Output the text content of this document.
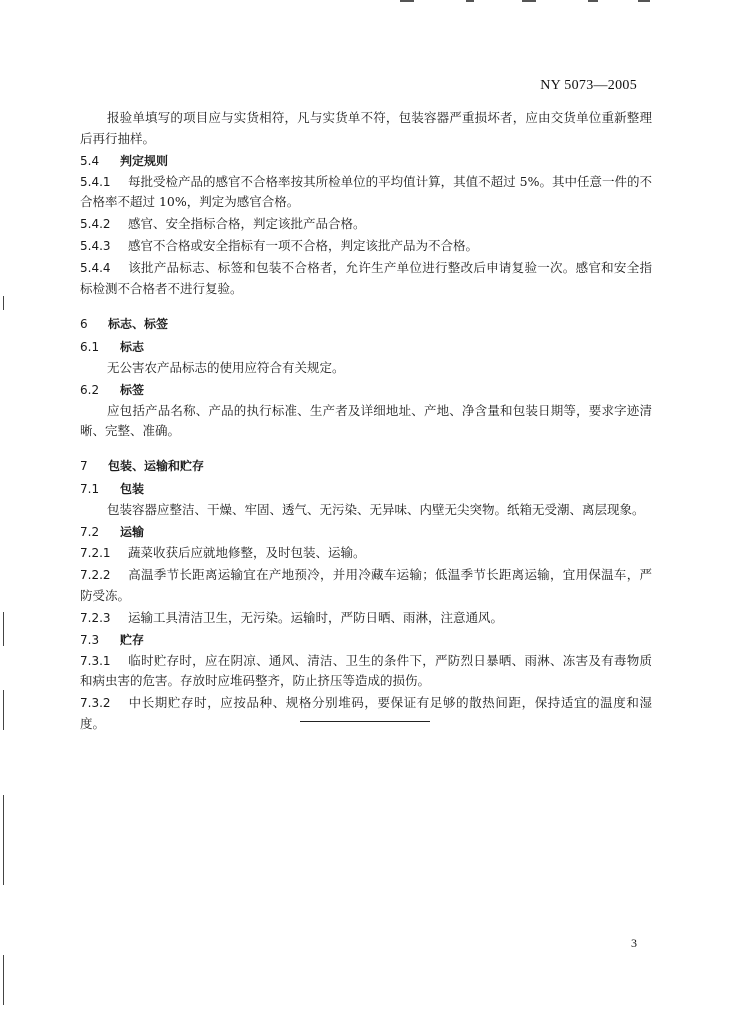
NY 5073—2005

报验单填写的项目应与实货相符，凡与实货单不符，包装容器严重损坏者，应由交货单位重新整理后再行抽样。

5.4 判定规则

5.4.1 每批受检产品的感官不合格率按其所检单位的平均值计算，其值不超过 5%。其中任意一件的不合格率不超过 10%，判定为感官合格。

5.4.2 感官、安全指标合格，判定该批产品合格。

5.4.3 感官不合格或安全指标有一项不合格，判定该批产品为不合格。

5.4.4 该批产品标志、标签和包装不合格者，允许生产单位进行整改后申请复验一次。感官和安全指标检测不合格者不进行复验。

6 标志、标签

6.1 标志

无公害农产品标志的使用应符合有关规定。

6.2 标签

应包括产品名称、产品的执行标准、生产者及详细地址、产地、净含量和包装日期等，要求字迹清晰、完整、准确。

7 包装、运输和贮存

7.1 包装

包装容器应整洁、干燥、牢固、透气、无污染、无异味、内壁无尖突物。纸箱无受潮、离层现象。

7.2 运输

7.2.1 蔬菜收获后应就地修整，及时包装、运输。

7.2.2 高温季节长距离运输宜在产地预冷，并用冷藏车运输；低温季节长距离运输，宜用保温车，严防受冻。

7.2.3 运输工具清洁卫生，无污染。运输时，严防日晒、雨淋，注意通风。

7.3 贮存

7.3.1 临时贮存时，应在阴凉、通风、清洁、卫生的条件下，严防烈日暴晒、雨淋、冻害及有毒物质和病虫害的危害。存放时应堆码整齐，防止挤压等造成的损伤。

7.3.2 中长期贮存时，应按品种、规格分别堆码，要保证有足够的散热间距，保持适宜的温度和湿度。

3
